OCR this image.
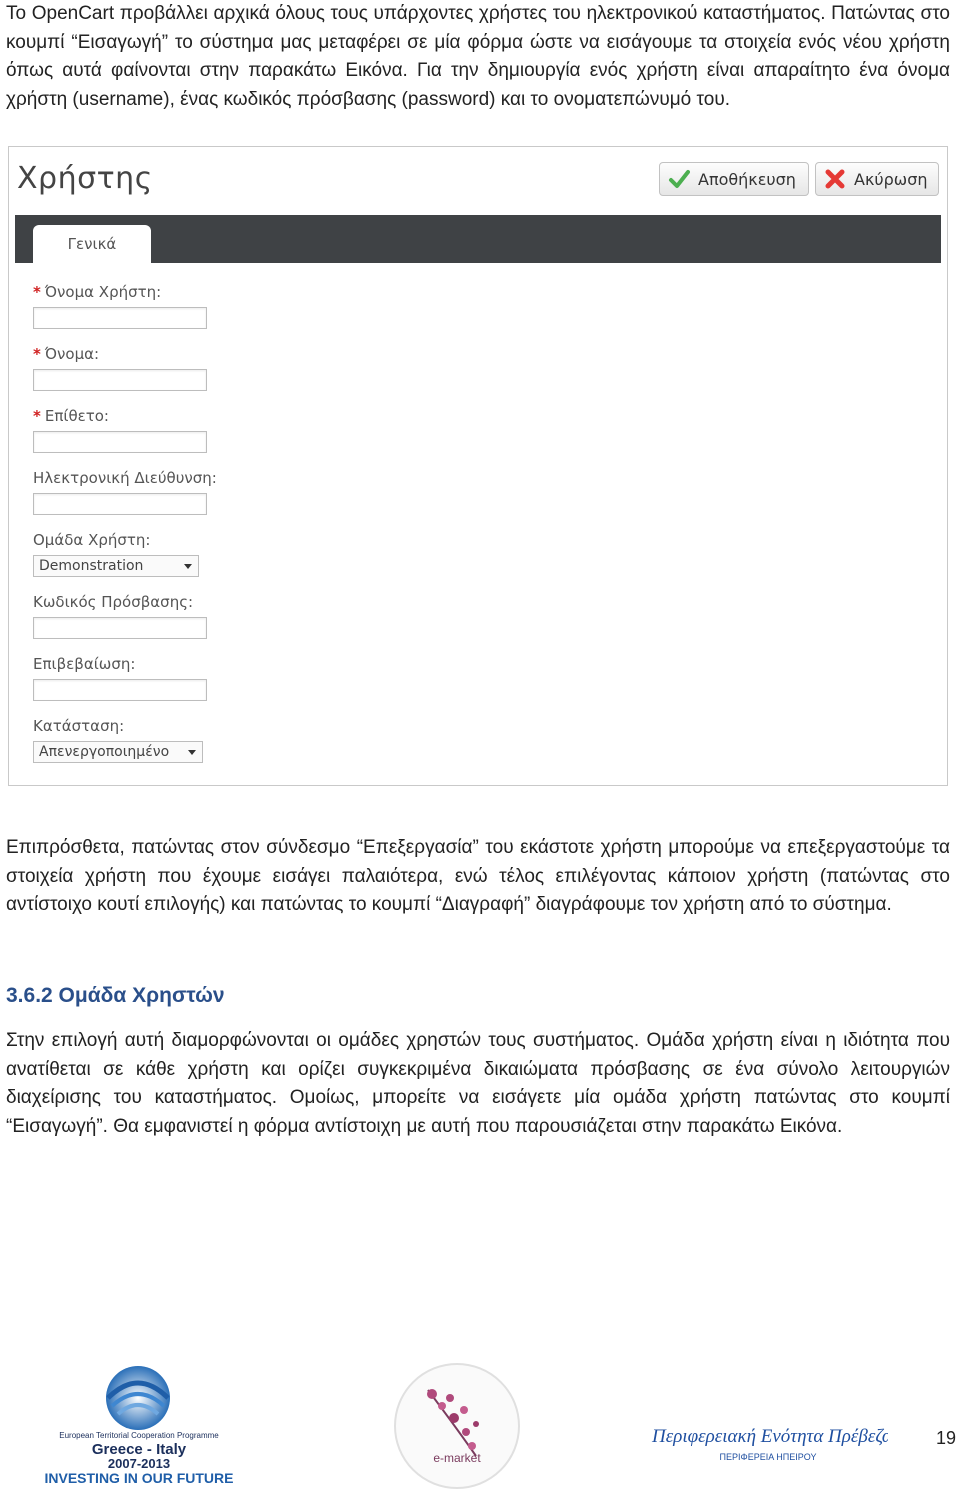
Το OpenCart προβάλλει αρχικά όλους τους υπάρχοντες χρήστες του ηλεκτρονικού καταστήματος. Πατώντας στο κουμπί “Εισαγωγή” το σύστημα μας μεταφέρει σε μία φόρμα ώστε να εισάγουμε τα στοιχεία ενός νέου χρήστη όπως αυτά φαίνονται στην παρακάτω Εικόνα. Για την δημιουργία ενός χρήστη είναι απαραίτητο ένα όνομα χρήστη (username), ένας κωδικός πρόσβασης (password) και το ονοματεπώνυμό του.

Χρήστης	Αποθήκευση	Ακύρωση
Γενικά
* Όνομα Χρήστη:
* Όνομα:
* Επίθετο:
Ηλεκτρονική Διεύθυνση:
Ομάδα Χρήστη:
Demonstration
Κωδικός Πρόσβασης:
Επιβεβαίωση:
Κατάσταση:
Απενεργοποιημένο

Επιπρόσθετα, πατώντας στον σύνδεσμο “Επεξεργασία” του εκάστοτε χρήστη μπορούμε να επεξεργαστούμε τα στοιχεία χρήστη που έχουμε εισάγει παλαιότερα, ενώ τέλος επιλέγοντας κάποιον χρήστη (πατώντας στο αντίστοιχο κουτί επιλογής) και πατώντας το κουμπί “Διαγραφή” διαγράφουμε τον χρήστη από το σύστημα.

3.6.2 Ομάδα Χρηστών

Στην επιλογή αυτή διαμορφώνονται οι ομάδες χρηστών τους συστήματος. Ομάδα χρήστη είναι η ιδιότητα που ανατίθεται σε κάθε χρήστη και ορίζει συγκεκριμένα δικαιώματα πρόσβασης σε ένα σύνολο λειτουργιών διαχείρισης του καταστήματος. Ομοίως, μπορείτε να εισάγετε μία ομάδα χρήστη πατώντας στο κουμπί “Εισαγωγή”. Θα εμφανιστεί η φόρμα αντίστοιχη με αυτή που παρουσιάζεται στην παρακάτω Εικόνα.

European Territorial Cooperation Programme
Greece - Italy
2007-2013
INVESTING IN OUR FUTURE
e-market
Περιφερειακή Ενότητα Πρέβεζας
ΠΕΡΙΦΕΡΕΙΑ ΗΠΕΙΡΟΥ
19
